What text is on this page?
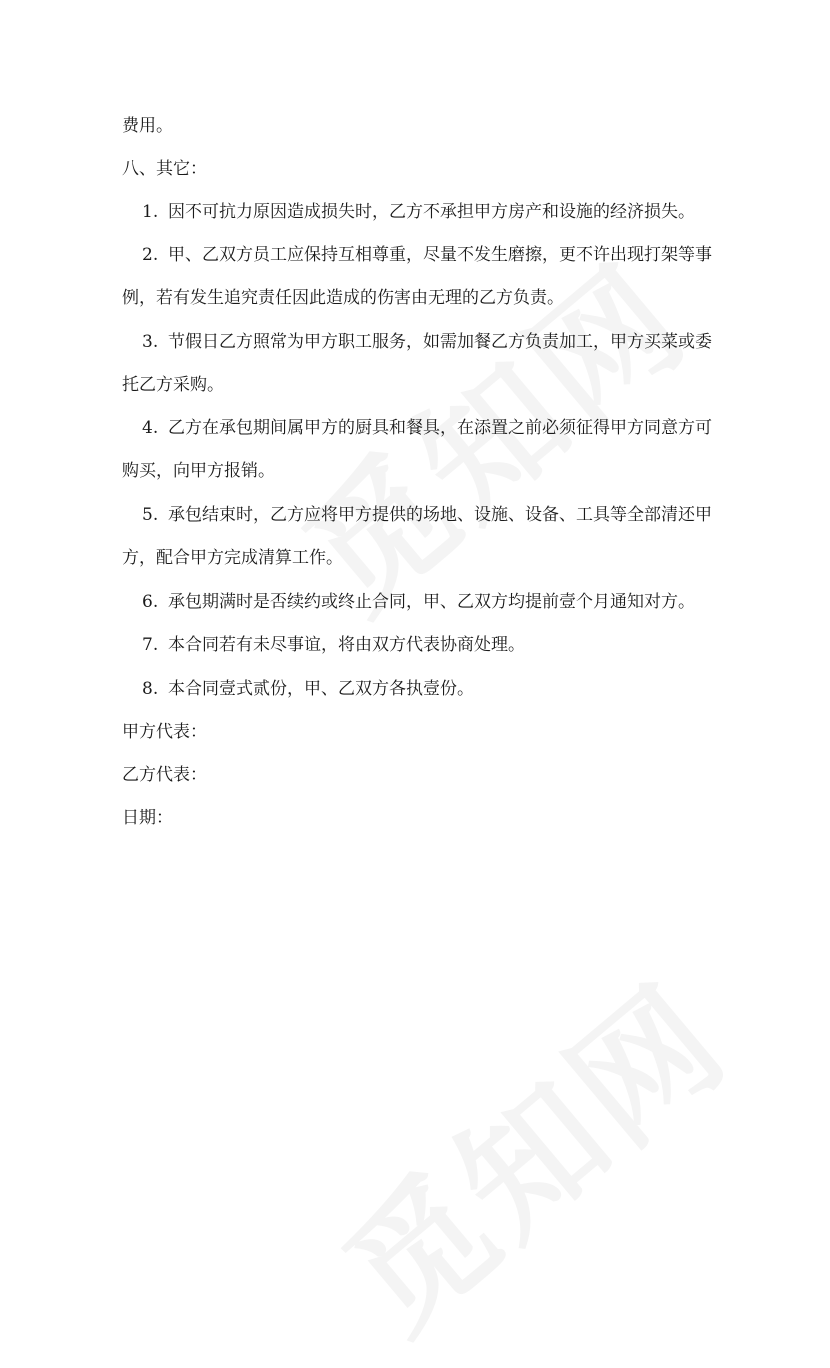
费用。
八、其它：
1. 因不可抗力原因造成损失时，乙方不承担甲方房产和设施的经济损失。
2. 甲、乙双方员工应保持互相尊重，尽量不发生磨擦，更不许出现打架等事
例，若有发生追究责任因此造成的伤害由无理的乙方负责。
3. 节假日乙方照常为甲方职工服务，如需加餐乙方负责加工，甲方买菜或委
托乙方采购。
4. 乙方在承包期间属甲方的厨具和餐具，在添置之前必须征得甲方同意方可
购买，向甲方报销。
5. 承包结束时，乙方应将甲方提供的场地、设施、设备、工具等全部清还甲
方，配合甲方完成清算工作。
6. 承包期满时是否续约或终止合同，甲、乙双方均提前壹个月通知对方。
7. 本合同若有未尽事谊，将由双方代表协商处理。
8. 本合同壹式贰份，甲、乙双方各执壹份。
甲方代表：
乙方代表：
日期：
